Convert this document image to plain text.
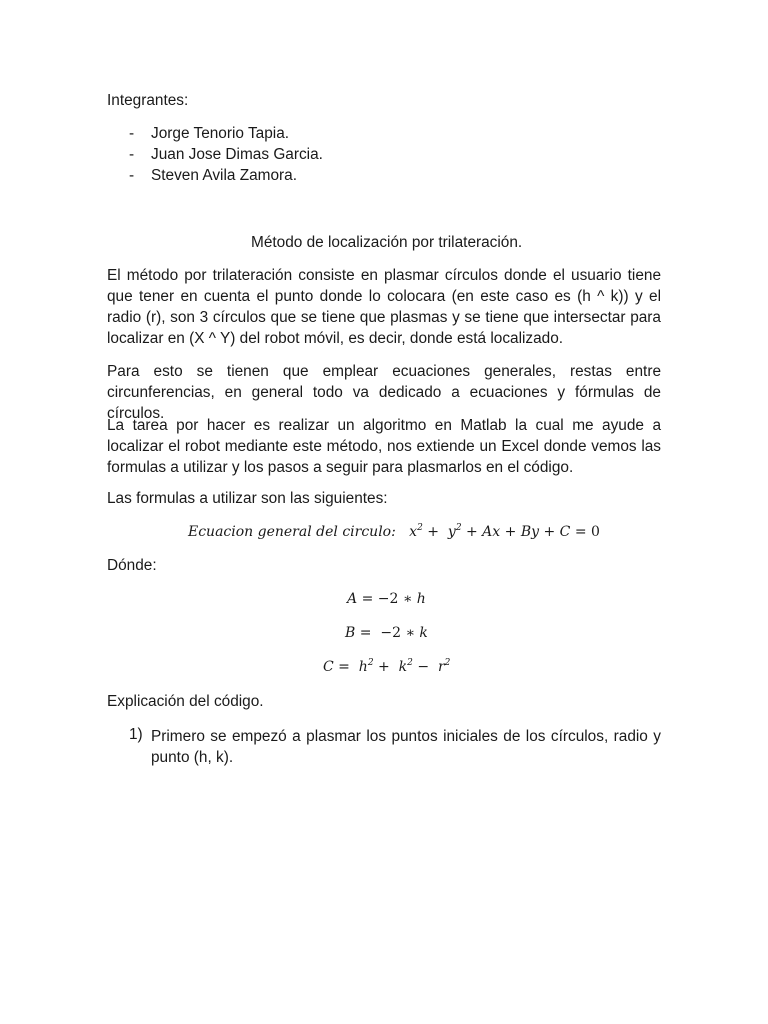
Integrantes:
- Jorge Tenorio Tapia.
- Juan Jose Dimas Garcia.
- Steven Avila Zamora.
Método de localización por trilateración.
El método por trilateración consiste en plasmar círculos donde el usuario tiene que tener en cuenta el punto donde lo colocara (en este caso es (h ^ k)) y el radio (r), son 3 círculos que se tiene que plasmas y se tiene que intersectar para localizar en (X ^ Y) del robot móvil, es decir, donde está localizado.
Para esto se tienen que emplear ecuaciones generales, restas entre circunferencias, en general todo va dedicado a ecuaciones y fórmulas de círculos.
La tarea por hacer es realizar un algoritmo en Matlab la cual me ayude a localizar el robot mediante este método, nos extiende un Excel donde vemos las formulas a utilizar y los pasos a seguir para plasmarlos en el código.
Las formulas a utilizar son las siguientes:
Ecuacion general del circulo:   $x^2 + y^2 + Ax + By + C = 0$
Dónde:
A = −2 ∗ h
B =  −2 ∗ k
$C = h^2 + k^2 - r^2$
Explicación del código.
1) Primero se empezó a plasmar los puntos iniciales de los círculos, radio y punto (h, k).
